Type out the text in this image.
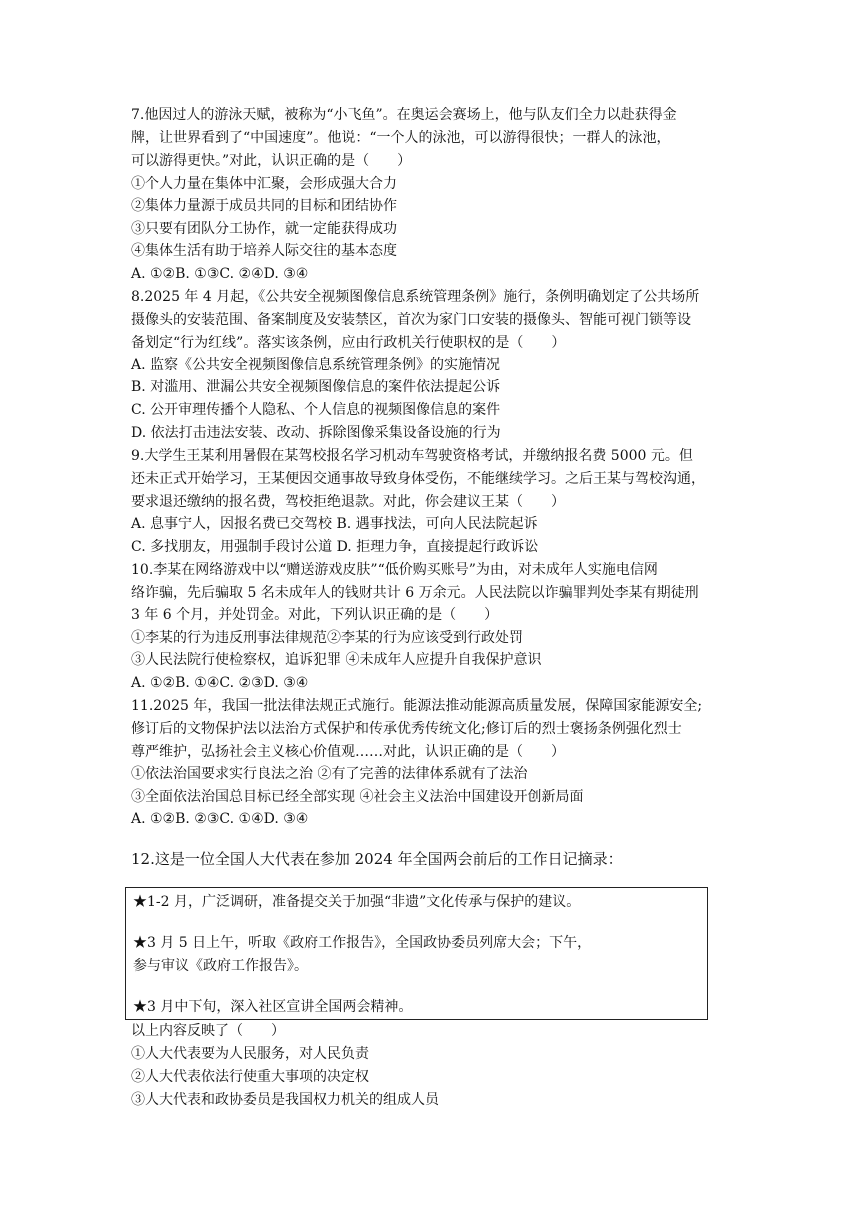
7.他因过人的游泳天赋，被称为“小飞鱼”。在奥运会赛场上，他与队友们全力以赴获得金
牌，让世界看到了“中国速度”。他说：“一个人的泳池，可以游得很快；一群人的泳池，
可以游得更快。”对此，认识正确的是（　　）
①个人力量在集体中汇聚，会形成强大合力
②集体力量源于成员共同的目标和团结协作
③只要有团队分工协作，就一定能获得成功
④集体生活有助于培养人际交往的基本态度
A. ①②B. ①③C. ②④D. ③④
8.2025 年 4 月起，《公共安全视频图像信息系统管理条例》施行，条例明确划定了公共场所
摄像头的安装范围、备案制度及安装禁区，首次为家门口安装的摄像头、智能可视门锁等设
备划定“行为红线”。落实该条例，应由行政机关行使职权的是（　　）
A. 监察《公共安全视频图像信息系统管理条例》的实施情况
B. 对滥用、泄漏公共安全视频图像信息的案件依法提起公诉
C. 公开审理传播个人隐私、个人信息的视频图像信息的案件
D. 依法打击违法安装、改动、拆除图像采集设备设施的行为
9.大学生王某利用暑假在某驾校报名学习机动车驾驶资格考试，并缴纳报名费 5000 元。但
还未正式开始学习，王某便因交通事故导致身体受伤，不能继续学习。之后王某与驾校沟通，
要求退还缴纳的报名费，驾校拒绝退款。对此，你会建议王某（　　）
A. 息事宁人，因报名费已交驾校 B. 遇事找法，可向人民法院起诉
C. 多找朋友，用强制手段讨公道 D. 拒理力争，直接提起行政诉讼
10.李某在网络游戏中以“赠送游戏皮肤”“低价购买账号”为由，对未成年人实施电信网
络诈骗，先后骗取 5 名未成年人的钱财共计 6 万余元。人民法院以诈骗罪判处李某有期徒刑
3 年 6 个月，并处罚金。对此，下列认识正确的是（　　）
①李某的行为违反刑事法律规范②李某的行为应该受到行政处罚
③人民法院行使检察权，追诉犯罪 ④未成年人应提升自我保护意识
A. ①②B. ①④C. ②③D. ③④
11.2025 年，我国一批法律法规正式施行。能源法推动能源高质量发展，保障国家能源安全;
修订后的文物保护法以法治方式保护和传承优秀传统文化;修订后的烈士褒扬条例强化烈士
尊严维护，弘扬社会主义核心价值观……对此，认识正确的是（　　）
①依法治国要求实行良法之治 ②有了完善的法律体系就有了法治
③全面依法治国总目标已经全部实现 ④社会主义法治中国建设开创新局面
A. ①②B. ②③C. ①④D. ③④
12.这是一位全国人大代表在参加 2024 年全国两会前后的工作日记摘录：
★1-2 月，广泛调研，准备提交关于加强“非遗”文化传承与保护的建议。
★3 月 5 日上午，听取《政府工作报告》，全国政协委员列席大会；下午，
参与审议《政府工作报告》。
★3 月中下旬，深入社区宣讲全国两会精神。
以上内容反映了（　　）
①人大代表要为人民服务，对人民负责
②人大代表依法行使重大事项的决定权
③人大代表和政协委员是我国权力机关的组成人员
